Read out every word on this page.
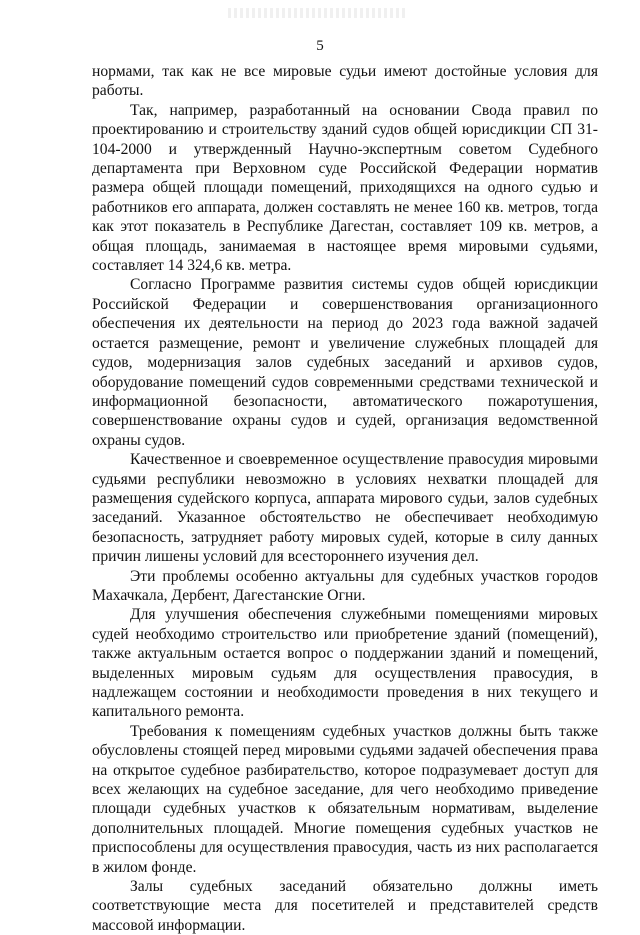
5

нормами, так как не все мировые судьи имеют достойные условия для работы.

Так, например, разработанный на основании Свода правил по проектированию и строительству зданий судов общей юрисдикции СП 31-104-2000 и утвержденный Научно-экспертным советом Судебного департамента при Верховном суде Российской Федерации норматив размера общей площади помещений, приходящихся на одного судью и работников его аппарата, должен составлять не менее 160 кв. метров, тогда как этот показатель в Республике Дагестан, составляет 109 кв. метров, а общая площадь, занимаемая в настоящее время мировыми судьями, составляет 14 324,6 кв. метра.

Согласно Программе развития системы судов общей юрисдикции Российской Федерации и совершенствования организационного обеспечения их деятельности на период до 2023 года важной задачей остается размещение, ремонт и увеличение служебных площадей для судов, модернизация залов судебных заседаний и архивов судов, оборудование помещений судов современными средствами технической и информационной безопасности, автоматического пожаротушения, совершенствование охраны судов и судей, организация ведомственной охраны судов.

Качественное и своевременное осуществление правосудия мировыми судьями республики невозможно в условиях нехватки площадей для размещения судейского корпуса, аппарата мирового судьи, залов судебных заседаний. Указанное обстоятельство не обеспечивает необходимую безопасность, затрудняет работу мировых судей, которые в силу данных причин лишены условий для всестороннего изучения дел.

Эти проблемы особенно актуальны для судебных участков городов Махачкала, Дербент, Дагестанские Огни.

Для улучшения обеспечения служебными помещениями мировых судей необходимо строительство или приобретение зданий (помещений), также актуальным остается вопрос о поддержании зданий и помещений, выделенных мировым судьям для осуществления правосудия, в надлежащем состоянии и необходимости проведения в них текущего и капитального ремонта.

Требования к помещениям судебных участков должны быть также обусловлены стоящей перед мировыми судьями задачей обеспечения права на открытое судебное разбирательство, которое подразумевает доступ для всех желающих на судебное заседание, для чего необходимо приведение площади судебных участков к обязательным нормативам, выделение дополнительных площадей. Многие помещения судебных участков не приспособлены для осуществления правосудия, часть из них располагается в жилом фонде.

Залы судебных заседаний обязательно должны иметь соответствующие места для посетителей и представителей средств массовой информации.
